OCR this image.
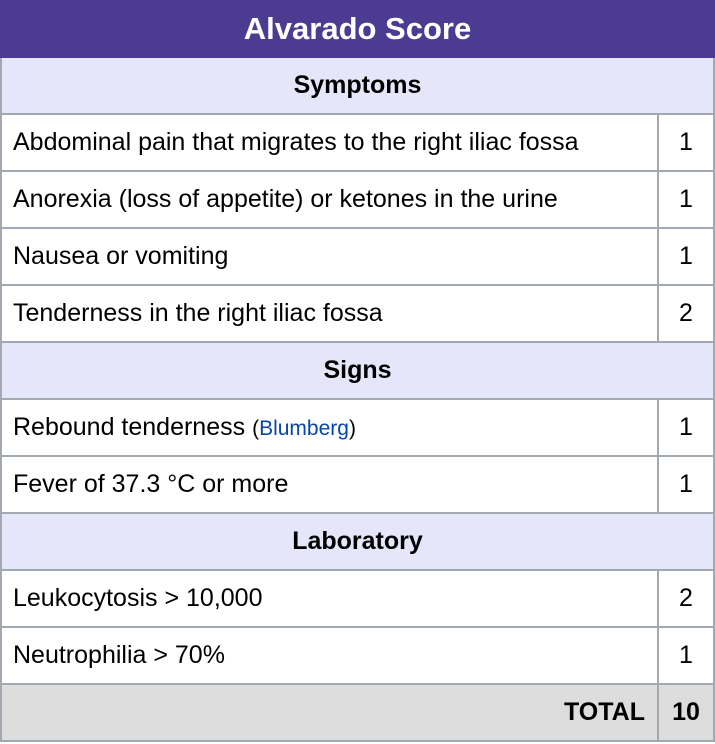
Alvarado Score	
Symptoms	
Abdominal pain that migrates to the right iliac fossa	1
Anorexia (loss of appetite) or ketones in the urine	1
Nausea or vomiting	1
Tenderness in the right iliac fossa	2
Signs	
Rebound tenderness (Blumberg)	1
Fever of 37.3 °C or more	1
Laboratory	
Leukocytosis > 10,000	2
Neutrophilia > 70%	1
TOTAL	10
